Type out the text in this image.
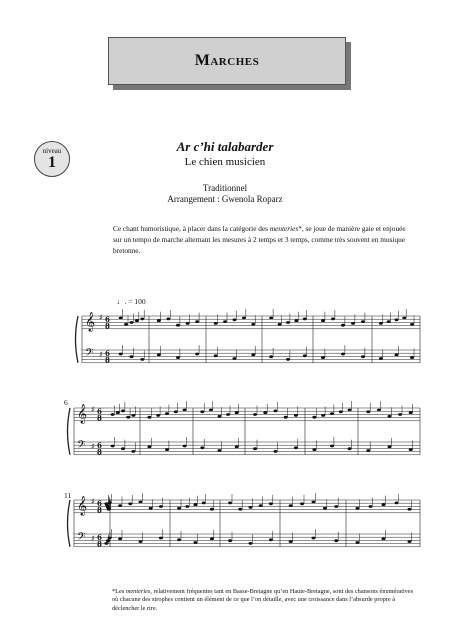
Marches
niveau
1
Ar c’hi talabarder
Le chien musicien
Traditionnel
Arrangement : Gwenola Roparz
Ce chant humoristique, à placer dans la catégorie des menteries*, se joue de manière gaie et enjouée sur un tempo de marche alternant les mesures à 2 temps et 3 temps, comme très souvent en musique bretonne.
♩. = 100
6
11
𝄞 ♯ 6
8
𝄢 ♯ 6
8
𝄞 ♯ 6
8
𝄢 ♯ 6
8
𝄞 ♯ 6
8
𝄢 ♯ 6
8
*Les menteries, relativement fréquentes tant en Basse-Bretagne qu’en Haute-Bretagne, sont des chansons énumératives où chacune des strophes contient un élément de ce que l’on détaille, avec une croissance dans l’absurde propre à déclencher le rire.
